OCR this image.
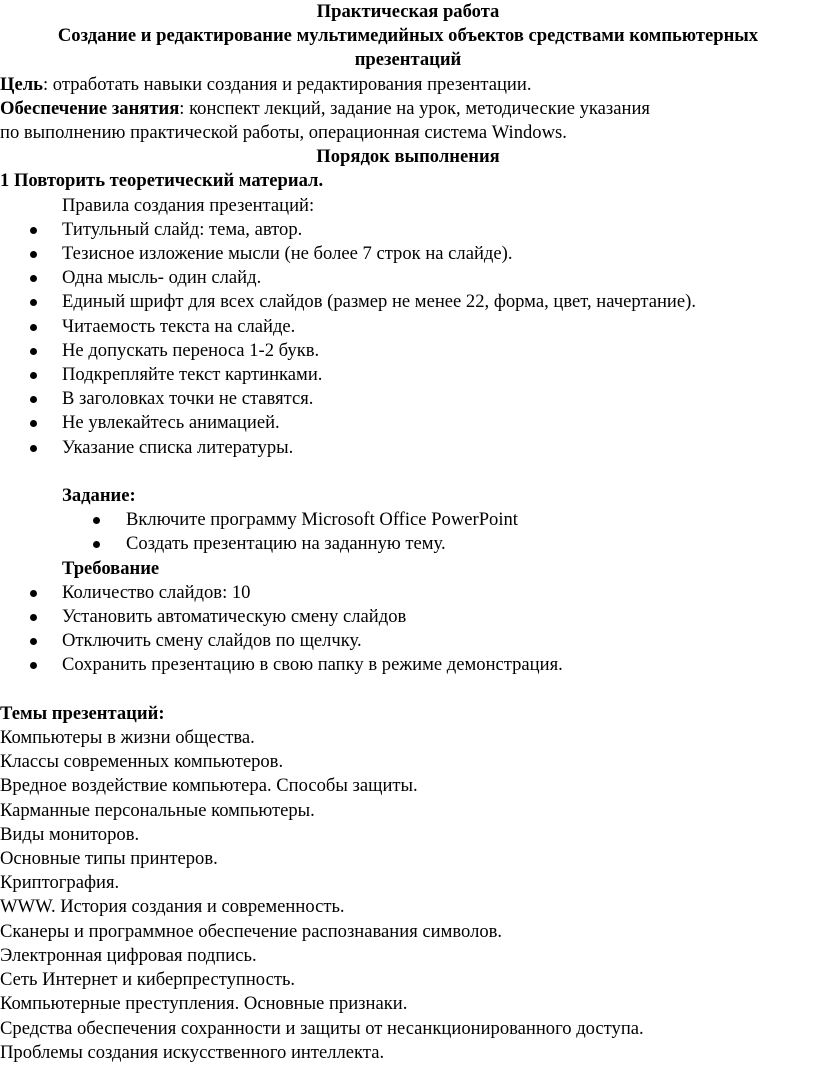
Практическая работа
Создание и редактирование мультимедийных объектов средствами компьютерных
презентаций
Цель: отработать навыки создания и редактирования презентации.
Обеспечение занятия: конспект лекций, задание на урок, методические указания
по выполнению практической работы, операционная система Windows.
Порядок выполнения
1 Повторить теоретический материал.
Правила создания презентаций:
Титульный слайд: тема, автор.
Тезисное изложение мысли (не более 7 строк на слайде).
Одна мысль- один слайд.
Единый шрифт для всех слайдов (размер не менее 22, форма, цвет, начертание).
Читаемость текста на слайде.
Не допускать переноса 1-2 букв.
Подкрепляйте текст картинками.
В заголовках точки не ставятся.
Не увлекайтесь анимацией.
Указание списка литературы.
Задание:
Включите программу Microsoft Office PowerPoint
Создать презентацию на заданную тему.
Требование
Количество слайдов: 10
Установить автоматическую смену слайдов
Отключить смену слайдов по щелчку.
Сохранить презентацию в свою папку в режиме демонстрация.
Темы презентаций:
Компьютеры в жизни общества.
Классы современных компьютеров.
Вредное воздействие компьютера. Способы защиты.
Карманные персональные компьютеры.
Виды мониторов.
Основные типы принтеров.
Криптография.
WWW. История создания и современность.
Сканеры и программное обеспечение распознавания символов.
Электронная цифровая подпись.
Сеть Интернет и киберпреступность.
Компьютерные преступления. Основные признаки.
Средства обеспечения сохранности и защиты от несанкционированного доступа.
Проблемы создания искусственного интеллекта.
